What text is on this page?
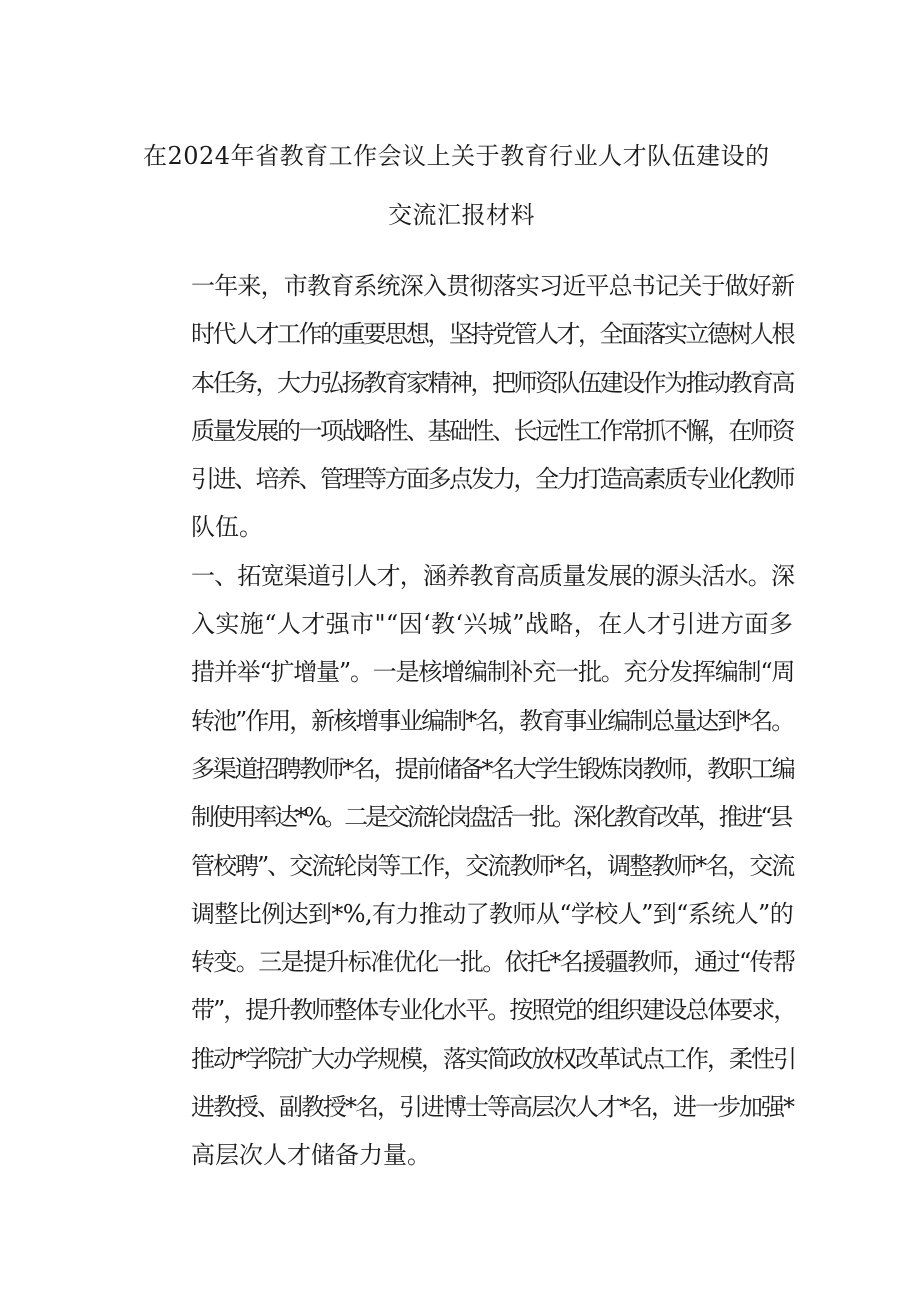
在2024年省教育工作会议上关于教育行业人才队伍建设的
交流汇报材料
一年来，市教育系统深入贯彻落实习近平总书记关于做好新
时代人才工作的重要思想，坚持党管人才，全面落实立德树人根
本任务，大力弘扬教育家精神，把师资队伍建设作为推动教育高
质量发展的一项战略性、基础性、长远性工作常抓不懈，在师资
引进、培养、管理等方面多点发力，全力打造高素质专业化教师
队伍。
一、拓宽渠道引人才，涵养教育高质量发展的源头活水。深
入实施“人才强市"“因‘教‘兴城”战略，在人才引进方面多
措并举“扩增量”。一是核增编制补充一批。充分发挥编制“周
转池”作用，新核增事业编制*名，教育事业编制总量达到*名。
多渠道招聘教师*名，提前储备*名大学生锻炼岗教师，教职工编
制使用率达*%。二是交流轮岗盘活一批。深化教育改革，推进“县
管校聘”、交流轮岗等工作，交流教师*名，调整教师*名，交流
调整比例达到*%,有力推动了教师从“学校人”到“系统人”的
转变。三是提升标准优化一批。依托*名援疆教师，通过“传帮
带”，提升教师整体专业化水平。按照党的组织建设总体要求，
推动*学院扩大办学规模，落实简政放权改革试点工作，柔性引
进教授、副教授*名，引进博士等高层次人才*名，进一步加强*
高层次人才储备力量。
